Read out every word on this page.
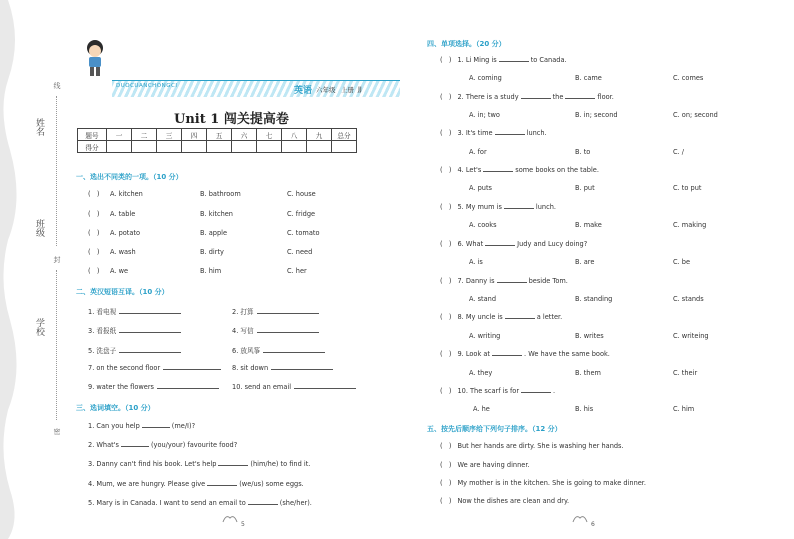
姓名
班级
学校
线
封
密
DUOCUANCHONGCI	英语 六年级 上册 JJ
Unit 1 闯关提高卷
题号	一	二	三	四	五	六	七	八	九	总分
得分										
一、选出不同类的一项。（10 分）
(   ) A. kitchen	B. bathroom	C. house
(   ) A. table	B. kitchen	C. fridge
(   ) A. potato	B. apple	C. tomato
(   ) A. wash	B. dirty	C. need
(   ) A. we	B. him	C. her
二、英汉短语互译。（10 分）
1. 看电视	2. 打算
3. 看报纸	4. 写信
5. 洗盘子	6. 放风筝
7. on the second floor	8. sit down
9. water the flowers	10. send an email
三、选词填空。（10 分）
1. Can you help	(me/I)?
2. What's	(you/your) favourite food?
3. Danny can't find his book. Let's help	(him/he) to find it.
4. Mum, we are hungry. Please give	(we/us) some eggs.
5. Mary is in Canada. I want to send an email to	(she/her).
5	6
四、单项选择。（20 分）
(   ) 1. Li Ming is	to Canada.
A. coming	B. came	C. comes
(   ) 2. There is a study	the	floor.
A. in; two	B. in; second	C. on; second
(   ) 3. It's time	lunch.
A. for	B. to	C. /
(   ) 4. Let's	some books on the table.
A. puts	B. put	C. to put
(   ) 5. My mum is	lunch.
A. cooks	B. make	C. making
(   ) 6. What	Judy and Lucy doing?
A. is	B. are	C. be
(   ) 7. Danny is	beside Tom.
A. stand	B. standing	C. stands
(   ) 8. My uncle is	a letter.
A. writing	B. writes	C. writeing
(   ) 9. Look at	. We have the same book.
A. they	B. them	C. their
(   ) 10. The scarf is for	.
A. he	B. his	C. him
五、按先后顺序给下列句子排序。（12 分）
(   ) But her hands are dirty. She is washing her hands.
(   ) We are having dinner.
(   ) My mother is in the kitchen. She is going to make dinner.
(   ) Now the dishes are clean and dry.
